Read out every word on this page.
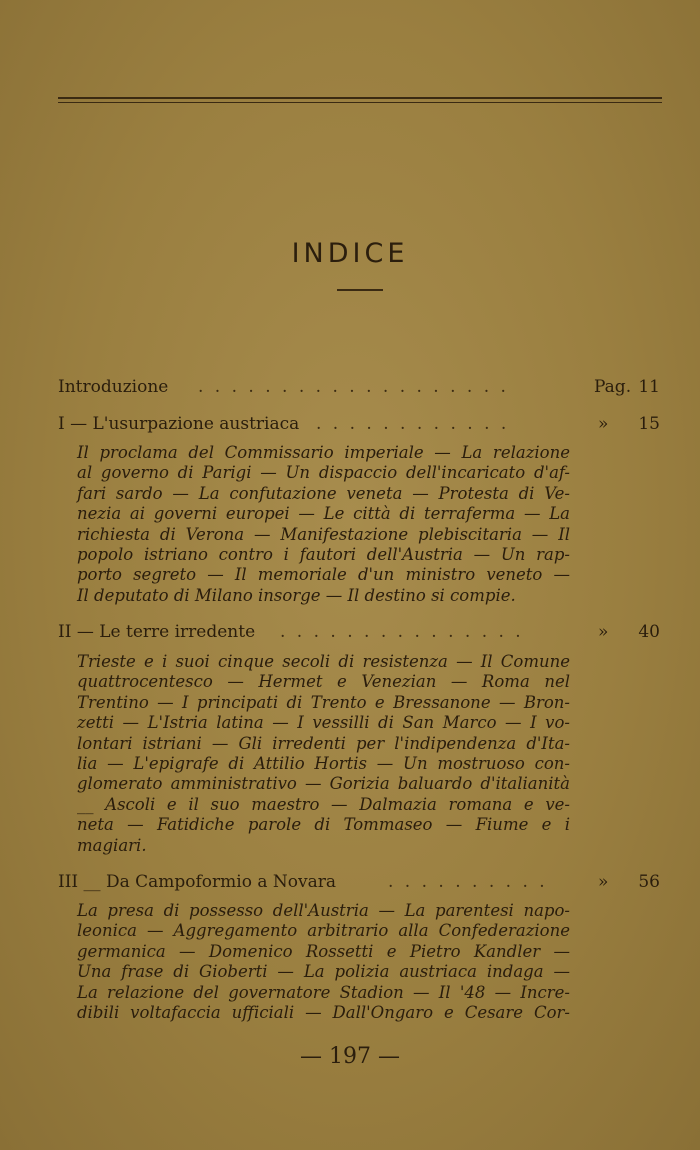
INDICE
Introduzione . . . . . . . . . . . . . . . . . . .	Pag. 11
I — L'usurpazione austriaca . . . . . . . . . . . .	» 15

Il proclama del Commissario imperiale — La relazione
al governo di Parigi — Un dispaccio dell'incaricato d'af-
fari sardo — La confutazione veneta — Protesta di Ve-
nezia ai governi europei — Le città di terraferma — La
richiesta di Verona — Manifestazione plebiscitaria — Il
popolo istriano contro i fautori dell'Austria — Un rap-
porto segreto — Il memoriale d'un ministro veneto —
Il deputato di Milano insorge — Il destino si compie.

II — Le terre irredente . . . . . . . . . . . . . . .	» 40

Trieste e i suoi cinque secoli di resistenza — Il Comune
quattrocentesco — Hermet e Venezian — Roma nel
Trentino — I principati di Trento e Bressanone — Bron-
zetti — L'Istria latina — I vessilli di San Marco — I vo-
lontari istriani — Gli irredenti per l'indipendenza d'Ita-
lia — L'epigrafe di Attilio Hortis — Un mostruoso con-
glomerato amministrativo — Gorizia baluardo d'italianità
__ Ascoli e il suo maestro — Dalmazia romana e ve-
neta — Fatidiche parole di Tommaseo — Fiume e i
magiari.

III __ Da Campoformio a Novara	. . . . . . . . . .	» 56

La presa di possesso dell'Austria — La parentesi napo-
leonica — Aggregamento arbitrario alla Confederazione
germanica — Domenico Rossetti e Pietro Kandler —
Una frase di Gioberti — La polizia austriaca indaga —
La relazione del governatore Stadion — Il '48 — Incre-
dibili voltafaccia ufficiali — Dall'Ongaro e Cesare Cor-

— 197 —
